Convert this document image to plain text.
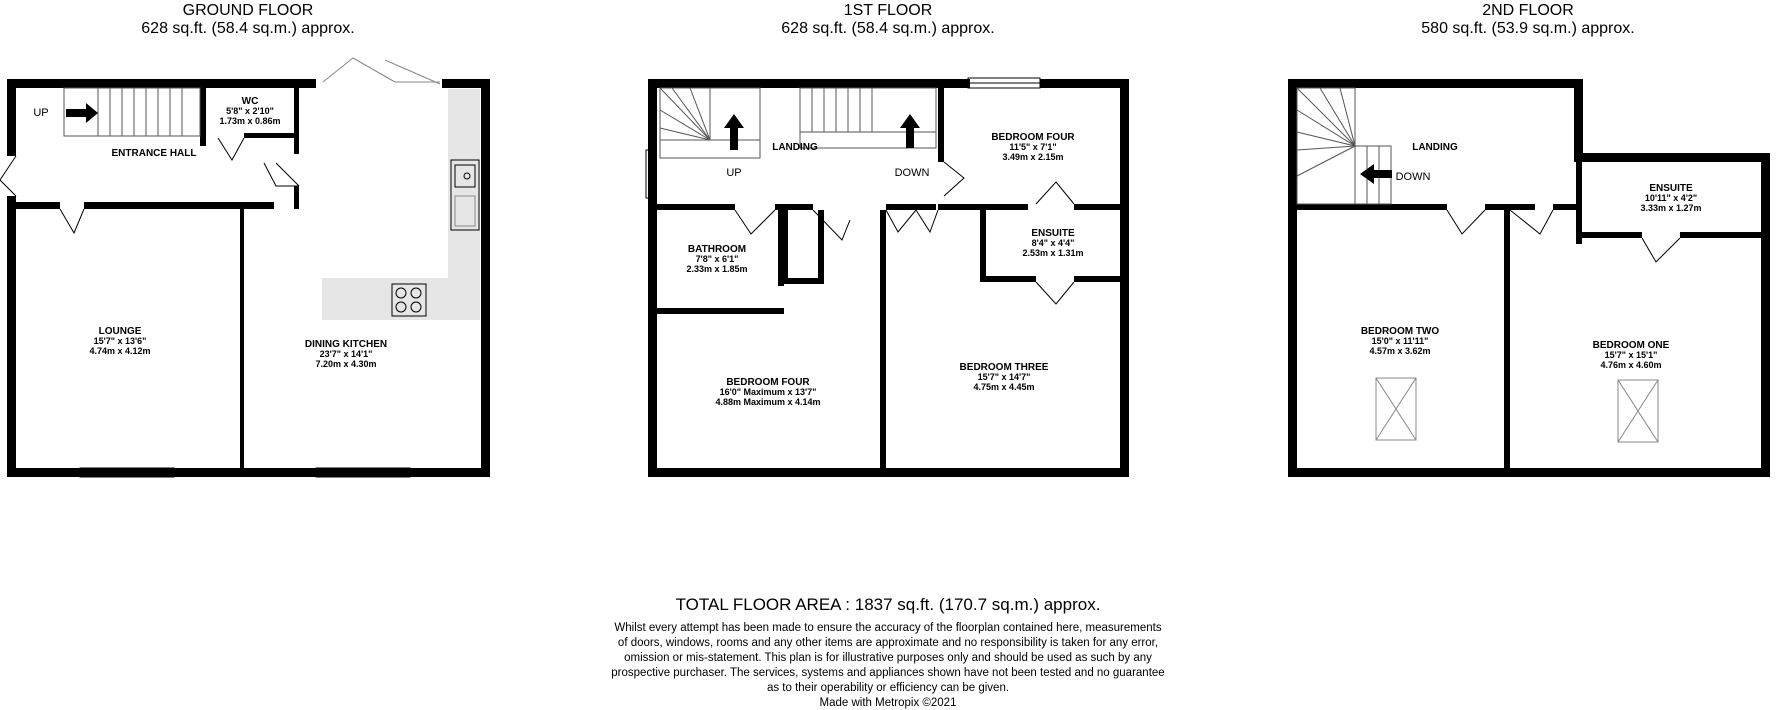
GROUND FLOOR
628 sq.ft. (58.4 sq.m.) approx.
1ST FLOOR
628 sq.ft. (58.4 sq.m.) approx.
2ND FLOOR
580 sq.ft. (53.9 sq.m.) approx.
UP
WC
5'8" x 2'10"
1.73m x 0.86m
ENTRANCE HALL
LOUNGE
15'7" x 13'6"
4.74m x 4.12m
DINING KITCHEN
23'7" x 14'1"
7.20m x 4.30m
UP	DOWN
LANDING
BEDROOM FOUR
11'5" x 7'1"
3.49m x 2.15m
ENSUITE
8'4" x 4'4"
2.53m x 1.31m
BATHROOM
7'8" x 6'1"
2.33m x 1.85m
BEDROOM FOUR
16'0" Maximum x 13'7"
4.88m Maximum x 4.14m
BEDROOM THREE
15'7" x 14'7"
4.75m x 4.45m
DOWN
LANDING
ENSUITE
10'11" x 4'2"
3.33m x 1.27m
BEDROOM TWO
15'0" x 11'11"
4.57m x 3.62m	BEDROOM ONE
15'7" x 15'1"
4.76m x 4.60m
TOTAL FLOOR AREA : 1837 sq.ft. (170.7 sq.m.) approx.
Whilst every attempt has been made to ensure the accuracy of the floorplan contained here, measurements
of doors, windows, rooms and any other items are approximate and no responsibility is taken for any error,
omission or mis-statement. This plan is for illustrative purposes only and should be used as such by any
prospective purchaser. The services, systems and appliances shown have not been tested and no guarantee
as to their operability or efficiency can be given.
Made with Metropix ©2021
